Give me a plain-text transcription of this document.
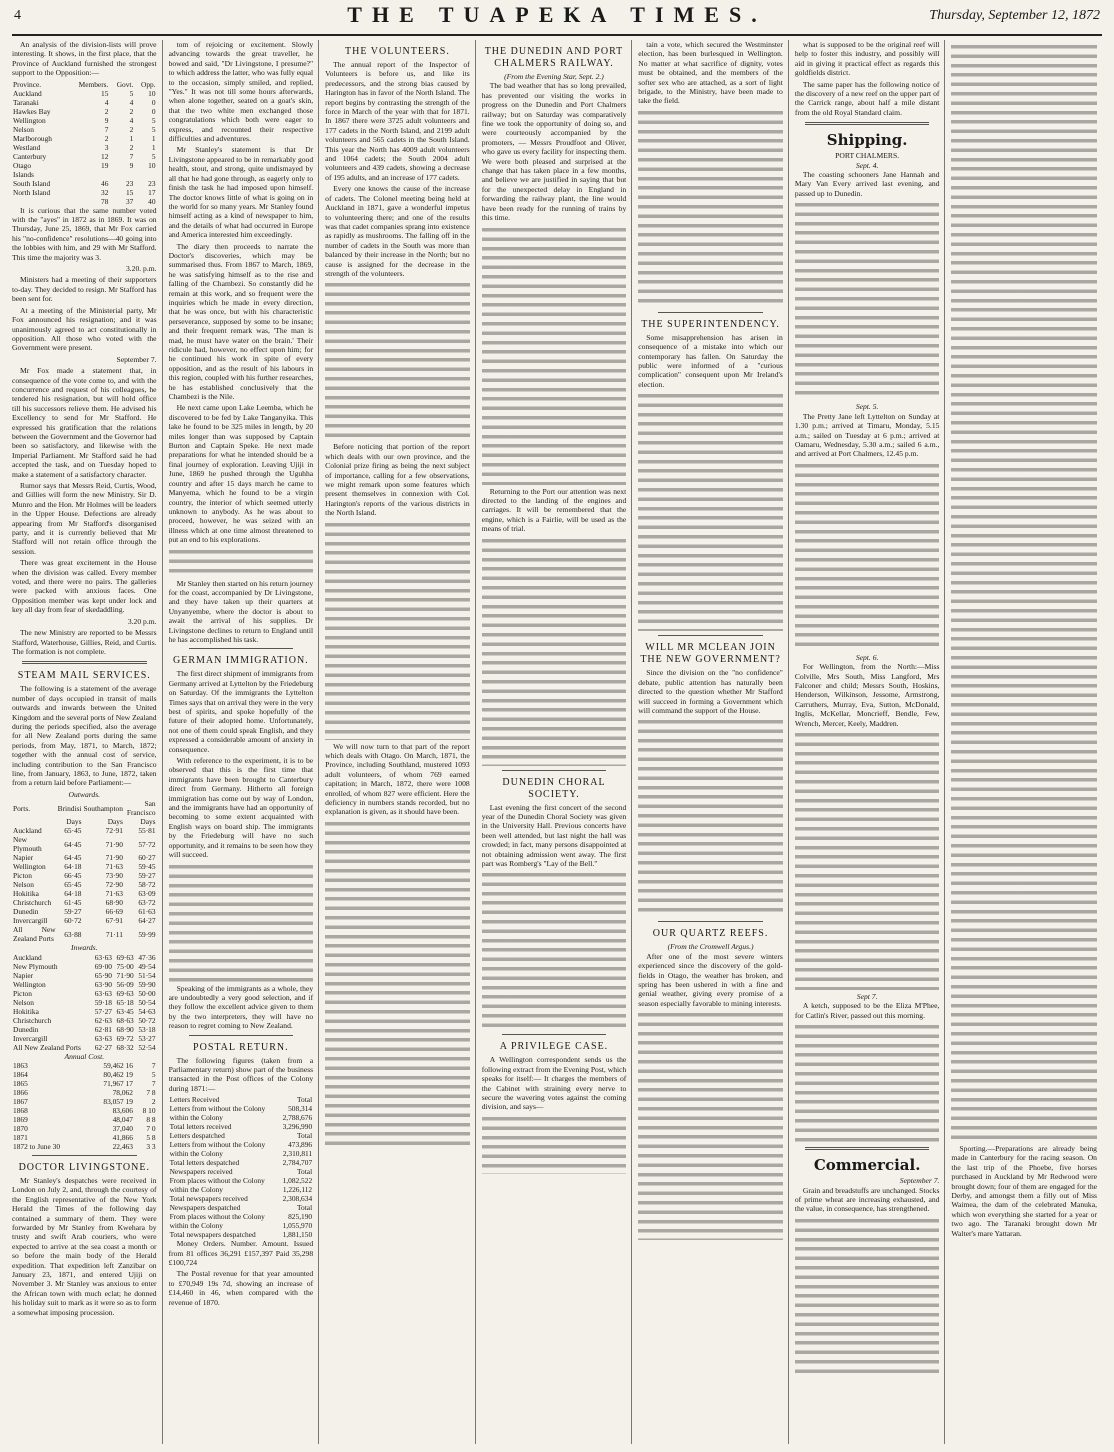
4	THE TUAPEKA TIMES.	Thursday, September 12, 1872

An analysis of the division-lists will prove interesting. It shows, in the first place, that the Province of Auckland furnished the strongest support to the Opposition:—

Province.	Members.	Govt.	Opp.
Auckland	15	5	10
Taranaki	4	4	0
Hawkes Bay	2	2	0
Wellington	9	4	5
Nelson	7	2	5
Marlborough	2	1	1
Westland	3	2	1
Canterbury	12	7	5
Otago	19	9	10
Islands			
South Island	46	23	23
North Island	32	15	17
	78	37	40

It is curious that the same number voted with the "ayes" in 1872 as in 1869. It was on Thursday, June 25, 1869, that Mr Fox carried his "no-confidence" resolutions—40 going into the lobbies with him, and 29 with Mr Stafford. This time the majority was 3.

3.20. p.m.

Ministers had a meeting of their supporters to-day. They decided to resign. Mr Stafford has been sent for.

At a meeting of the Ministerial party, Mr Fox announced his resignation; and it was unanimously agreed to act constitutionally in opposition. All those who voted with the Government were present.

September 7.

Mr Fox made a statement that, in consequence of the vote come to, and with the concurrence and request of his colleagues, he tendered his resignation, but will hold office till his successors relieve them. He advised his Excellency to send for Mr Stafford. He expressed his gratification that the relations between the Government and the Governor had been so satisfactory, and likewise with the Imperial Parliament. Mr Stafford said he had accepted the task, and on Tuesday hoped to make a statement of a satisfactory character.

Rumor says that Messrs Reid, Curtis, Wood, and Gillies will form the new Ministry. Sir D. Munro and the Hon. Mr Holmes will be leaders in the Upper House. Defections are already appearing from Mr Stafford's disorganised party, and it is currently believed that Mr Stafford will not retain office through the session.

There was great excitement in the House when the division was called. Every member voted, and there were no pairs. The galleries were packed with anxious faces. One Opposition member was kept under lock and key all day from fear of skedaddling.

3.20 p.m.

The new Ministry are reported to be Messrs Stafford, Waterhouse, Gillies, Reid, and Curtis. The formation is not complete.

STEAM MAIL SERVICES.

The following is a statement of the average number of days occupied in transit of mails outwards and inwards between the United Kingdom and the several ports of New Zealand during the periods specified, also the average for all New Zealand ports during the same periods, from May, 1871, to March, 1872; together with the annual cost of service, including contribution to the San Francisco line, from January, 1863, to June, 1872, taken from a return laid before Parliament:—

Outwards.
Ports.	Brindisi	Southampton	San Francisco
	Days	Days	Days
Auckland	65·45	72·91	55·81
New Plymouth	64·45	71·90	57·72
Napier	64·45	71·90	60·27
Wellington	64·18	71·63	59·45
Picton	66·45	73·90	59·27
Nelson	65·45	72·90	58·72
Hokitika	64·18	71·63	63·09
Christchurch	61·45	68·90	63·72
Dunedin	59·27	66·69	61·63
Invercargill	60·72	67·91	64·27
All New Zealand Ports	63·88	71·11	59·99
Inwards.
Auckland	63·63	69·63	47·36
New Plymouth	69·00	75·00	49·54
Napier	65·90	71·90	51·54
Wellington	63·90	56·09	59·90
Picton	63·63	69·63	50·00
Nelson	59·18	65·18	50·54
Hokitika	57·27	63·45	54·63
Christchurch	62·63	68·63	50·72
Dunedin	62·81	68·90	53·18
Invercargill	63·63	69·72	53·27
All New Zealand Ports	62·27	68·32	52·54
Annual Cost.
1863	59,462 16	7
1864	80,462 19	5
1865	71,967 17	7
1866	78,062	7 8
1867	83,057 19	2
1868	83,606	8 10
1869	48,047	8 8
1870	37,040	7 0
1871	41,866	5 8
1872 to June 30	22,463	3 3
DOCTOR LIVINGSTONE.

Mr Stanley's despatches were received in London on July 2, and, through the courtesy of the English representative of the New York Herald the Times of the following day contained a summary of them. They were forwarded by Mr Stanley from Kwehara by trusty and swift Arab couriers, who were expected to arrive at the sea coast a month or so before the main body of the Herald expedition. That expedition left Zanzibar on January 23, 1871, and entered Ujiji on November 3. Mr Stanley was anxious to enter the African town with much eclat; he donned his holiday suit to mark as it were so as to form a somewhat imposing procession.

tom of rejoicing or excitement. Slowly advancing towards the great traveller, he bowed and said, "Dr Livingstone, I presume?" to which address the latter, who was fully equal to the occasion, simply smiled, and replied, "Yes." It was not till some hours afterwards, when alone together, seated on a goat's skin, that the two white men exchanged those congratulations which both were eager to express, and recounted their respective difficulties and adventures.

Mr Stanley's statement is that Dr Livingstone appeared to be in remarkably good health, stout, and strong, quite undismayed by all that he had gone through, as eagerly only to finish the task he had imposed upon himself. The doctor knows little of what is going on in the world for so many years. Mr Stanley found himself acting as a kind of newspaper to him, and the details of what had occurred in Europe and America interested him exceedingly.

The diary then proceeds to narrate the Doctor's discoveries, which may be summarised thus. From 1867 to March, 1869, he was satisfying himself as to the rise and falling of the Chambezi. So constantly did he remain at this work, and so frequent were the inquiries which he made in every direction, that he was once, but with his characteristic perseverance, supposed by some to be insane; and their frequent remark was, 'The man is mad, he must have water on the brain.' Their ridicule had, however, no effect upon him; for he continued his work in spite of every opposition, and as the result of his labours in this region, coupled with his further researches, he has established conclusively that the Chambezi is the Nile.

He next came upon Lake Leemba, which he discovered to be fed by Lake Tanganyika. This lake he found to be 325 miles in length, by 20 miles longer than was supposed by Captain Burton and Captain Speke. He next made preparations for what he intended should be a final journey of exploration. Leaving Ujiji in June, 1869 he pushed through the Uguhha country and after 15 days march he came to Manyema, which he found to be a virgin country, the interior of which seemed utterly unknown to anybody. As he was about to proceed, however, he was seized with an illness which at one time almost threatened to put an end to his explorations.

Mr Stanley then started on his return journey for the coast, accompanied by Dr Livingstone, and they have taken up their quarters at Unyanyembe, where the doctor is about to await the arrival of his supplies. Dr Livingstone declines to return to England until he has accomplished his task.

GERMAN IMMIGRATION.

The first direct shipment of immigrants from Germany arrived at Lyttelton by the Friedeburg on Saturday. Of the immigrants the Lyttelton Times says that on arrival they were in the very best of spirits, and spoke hopefully of the future of their adopted home. Unfortunately, not one of them could speak English, and they expressed a considerable amount of anxiety in consequence.

With reference to the experiment, it is to be observed that this is the first time that immigrants have been brought to Canterbury direct from Germany. Hitherto all foreign immigration has come out by way of London, and the immigrants have had an opportunity of becoming to some extent acquainted with English ways on board ship. The immigrants by the Friedeburg will have no such opportunity, and it remains to be seen how they will succeed.

Speaking of the immigrants as a whole, they are undoubtedly a very good selection, and if they follow the excellent advice given to them by the two interpreters, they will have no reason to regret coming to New Zealand.

POSTAL RETURN.

The following figures (taken from a Parliamentary return) show part of the business transacted in the Post offices of the Colony during 1871:—

Letters Received	Total
Letters from without the Colony	508,314
within the Colony	2,788,676
Total letters received	3,296,990
Letters despatched	Total
Letters from without the Colony	473,896
within the Colony	2,310,811
Total letters despatched	2,784,707
Newspapers received	Total
From places without the Colony	1,082,522
within the Colony	1,226,112
Total newspapers received	2,308,634
Newspapers despatched	Total
From places without the Colony	825,190
within the Colony	1,055,970
Total newspapers despatched	1,881,150

Money Orders. Number. Amount. Issued from 81 offices 36,291 £157,397 Paid 35,298 £100,724

The Postal revenue for that year amounted to £70,949 19s 7d, showing an increase of £14,460 in 46, when compared with the revenue of 1870.

THE VOLUNTEERS.

The annual report of the Inspector of Volunteers is before us, and like its predecessors, and the strong bias caused by Harington has in favor of the North Island. The report begins by contrasting the strength of the force in March of the year with that for 1871. In 1867 there were 3725 adult volunteers and 177 cadets in the North Island, and 2199 adult volunteers and 565 cadets in the South Island. This year the North has 4009 adult volunteers and 1064 cadets; the South 2004 adult volunteers and 439 cadets, showing a decrease of 195 adults, and an increase of 177 cadets.

Every one knows the cause of the increase of cadets. The Colonel meeting being held at Auckland in 1871, gave a wonderful impetus to volunteering there; and one of the results was that cadet companies sprang into existence as rapidly as mushrooms. The falling off in the number of cadets in the South was more than balanced by their increase in the North; but no cause is assigned for the decrease in the strength of the volunteers.

Before noticing that portion of the report which deals with our own province, and the Colonial prize firing as being the next subject of importance, calling for a few observations, we might remark upon some features which present themselves in connexion with Col. Harington's reports of the various districts in the North Island.

We will now turn to that part of the report which deals with Otago. On March, 1871, the Province, including Southland, mustered 1093 adult volunteers, of whom 769 earned capitation; in March, 1872, there were 1008 enrolled, of whom 827 were efficient. Here the deficiency in numbers stands recorded, but no explanation is given, as it should have been.

THE DUNEDIN AND PORT CHALMERS RAILWAY.
(From the Evening Star, Sept. 2.)

The bad weather that has so long prevailed, has prevented our visiting the works in progress on the Dunedin and Port Chalmers railway; but on Saturday was comparatively fine we took the opportunity of doing so, and were courteously accompanied by the promoters, — Messrs Proudfoot and Oliver, who gave us every facility for inspecting them. We were both pleased and surprised at the change that has taken place in a few months, and believe we are justified in saying that but for the unexpected delay in England in forwarding the railway plant, the line would have been ready for the running of trains by this time.

Returning to the Port our attention was next directed to the landing of the engines and carriages. It will be remembered that the engine, which is a Fairlie, will be used as the means of trial.

DUNEDIN CHORAL SOCIETY.

Last evening the first concert of the second year of the Dunedin Choral Society was given in the University Hall. Previous concerts have been well attended, but last night the hall was crowded; in fact, many persons disappointed at not obtaining admission went away. The first part was Romberg's "Lay of the Bell."

A PRIVILEGE CASE.

A Wellington correspondent sends us the following extract from the Evening Post, which speaks for itself:— It charges the members of the Cabinet with straining every nerve to secure the wavering votes against the coming division, and says—

tain a vote, which secured the Westminster election, has been burlesqued in Wellington. No matter at what sacrifice of dignity, votes must be obtained, and the members of the softer sex who are attached, as a sort of light brigade, to the Ministry, have been made to take the field.

THE SUPERINTENDENCY.

Some misapprehension has arisen in consequence of a mistake into which our contemporary has fallen. On Saturday the public were informed of a "curious complication" consequent upon Mr Ireland's election.

WILL MR MCLEAN JOIN THE NEW GOVERNMENT?

Since the division on the "no confidence" debate, public attention has naturally been directed to the question whether Mr Stafford will succeed in forming a Government which will command the support of the House.

OUR QUARTZ REEFS.
(From the Cromwell Argus.)

After one of the most severe winters experienced since the discovery of the gold-fields in Otago, the weather has broken, and spring has been ushered in with a fine and genial weather, giving every promise of a season especially favorable to mining interests.

what is supposed to be the original reef will help to foster this industry, and possibly will aid in giving it practical effect as regards this goldfields district.

The same paper has the following notice of the discovery of a new reef on the upper part of the Carrick range, about half a mile distant from the old Royal Standard claim.

Shipping.
PORT CHALMERS.
Sept. 4.

The coasting schooners Jane Hannah and Mary Van Every arrived last evening, and passed up to Dunedin.

Sept. 5.

The Pretty Jane left Lyttelton on Sunday at 1.30 p.m.; arrived at Timaru, Monday, 5.15 a.m.; sailed on Tuesday at 6 p.m.; arrived at Oamaru, Wednesday, 5.30 a.m.; sailed 6 a.m., and arrived at Port Chalmers, 12.45 p.m.

Sept. 6.

For Wellington, from the North:—Miss Colville, Mrs South, Miss Langford, Mrs Falconer and child; Messrs South, Hoskins, Henderson, Wilkinson, Jessome, Armstrong, Carruthers, Murray, Eva, Sutton, McDonald, Inglis, McKellar, Moncrieff, Bendle, Few, Wrench, Mercer, Keely, Maddren.

Sept 7.

A ketch, supposed to be the Eliza M'Phee, for Catlin's River, passed out this morning.

Commercial.
September 7.

Grain and breadstuffs are unchanged. Stocks of prime wheat are increasing exhausted, and the value, in consequence, has strengthened.

Sporting.—Preparations are already being made in Canterbury for the racing season. On the last trip of the Phoebe, five horses purchased in Auckland by Mr Redwood were brought down; four of them are engaged for the Derby, and amongst them a filly out of Miss Waimea, the dam of the celebrated Manuka, which won everything she started for a year or two ago. The Taranaki brought down Mr Walter's mare Yattaran.
